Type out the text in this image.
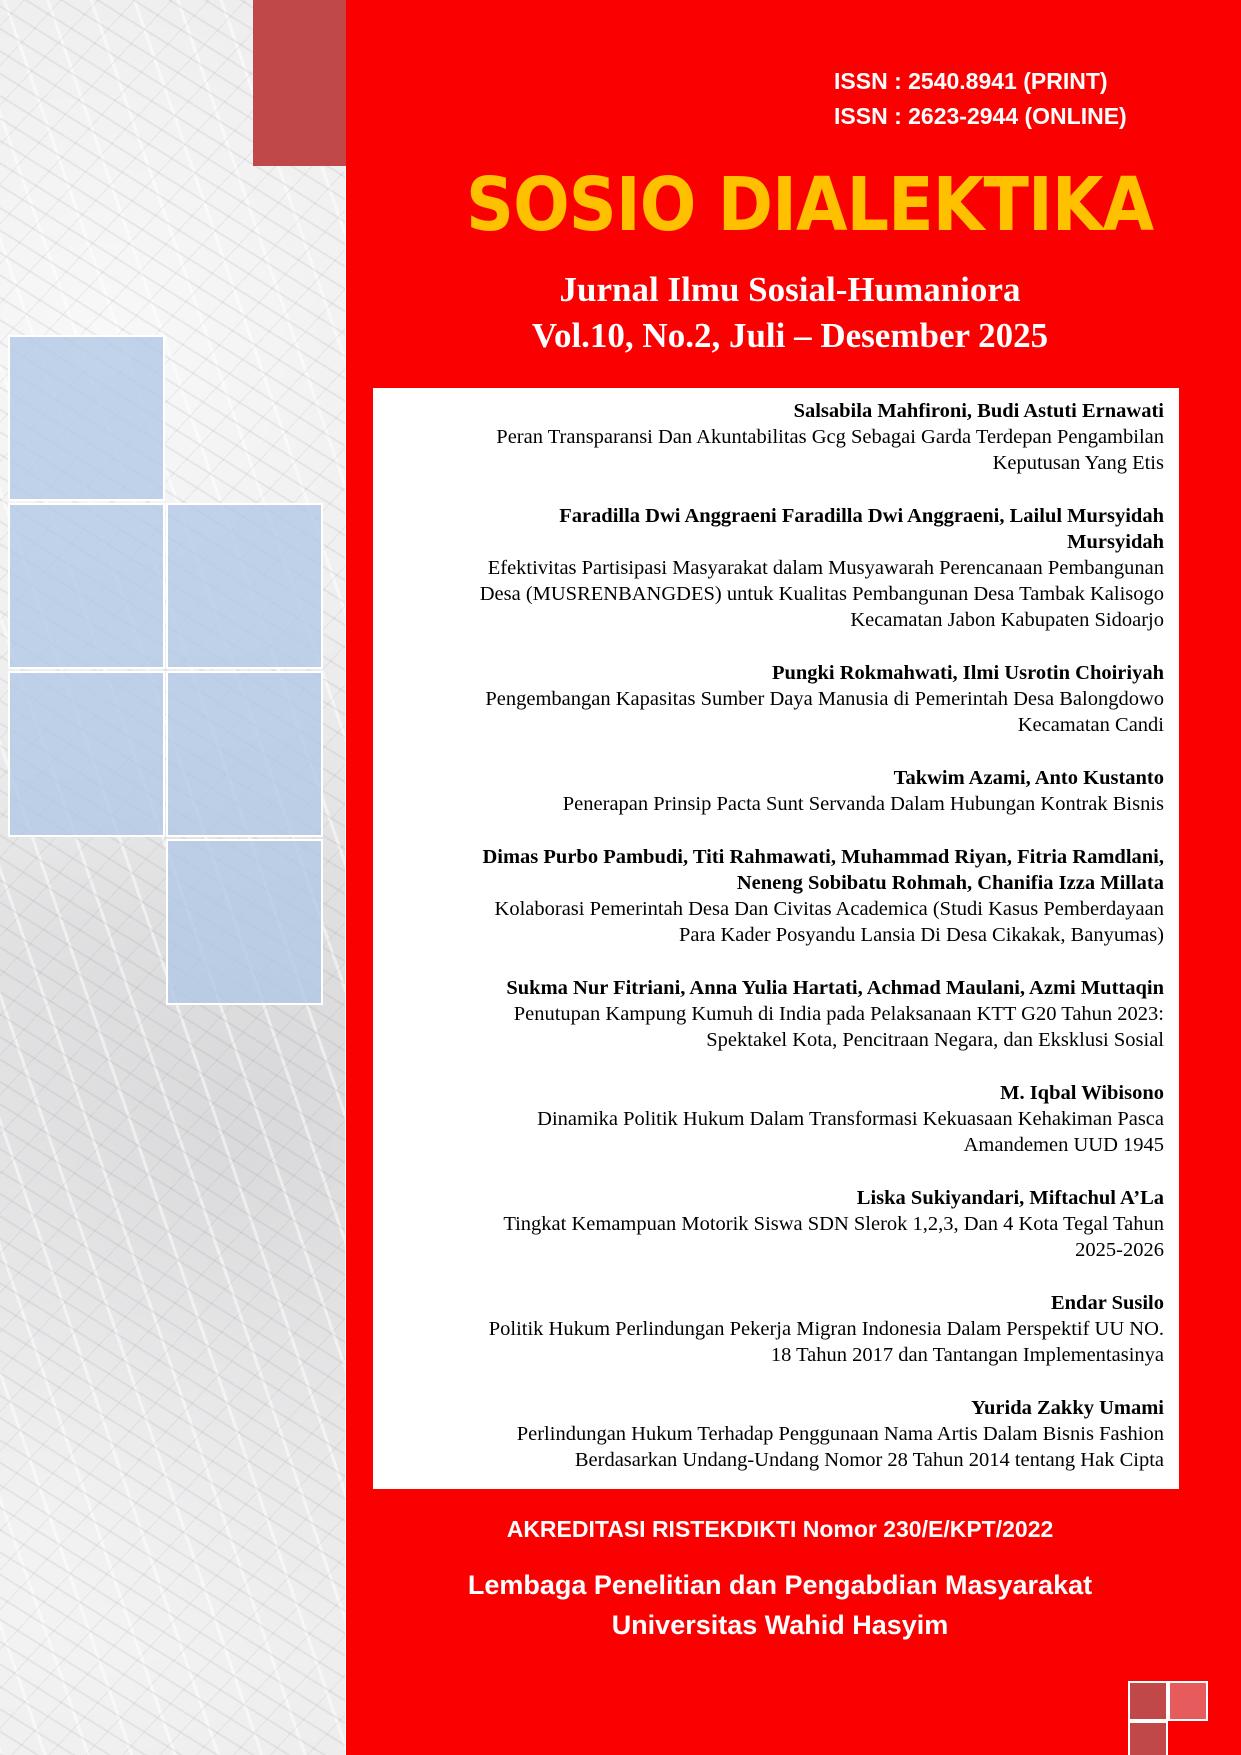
ISSN : 2540.8941 (PRINT)
ISSN : 2623-2944 (ONLINE)
SOSIO DIALEKTIKA
Jurnal Ilmu Sosial-Humaniora
Vol.10, No.2, Juli – Desember 2025
Salsabila Mahfironi, Budi Astuti Ernawati
Peran Transparansi Dan Akuntabilitas Gcg Sebagai Garda Terdepan Pengambilan
Keputusan Yang Etis
Faradilla Dwi Anggraeni Faradilla Dwi Anggraeni, Lailul Mursyidah
Mursyidah
Efektivitas Partisipasi Masyarakat dalam Musyawarah Perencanaan Pembangunan
Desa (MUSRENBANGDES) untuk Kualitas Pembangunan Desa Tambak Kalisogo
Kecamatan Jabon Kabupaten Sidoarjo
Pungki Rokmahwati, Ilmi Usrotin Choiriyah
Pengembangan Kapasitas Sumber Daya Manusia di Pemerintah Desa Balongdowo
Kecamatan Candi
Takwim Azami, Anto Kustanto
Penerapan Prinsip Pacta Sunt Servanda Dalam Hubungan Kontrak Bisnis
Dimas Purbo Pambudi, Titi Rahmawati, Muhammad Riyan, Fitria Ramdlani,
Neneng Sobibatu Rohmah, Chanifia Izza Millata
Kolaborasi Pemerintah Desa Dan Civitas Academica (Studi Kasus Pemberdayaan
Para Kader Posyandu Lansia Di Desa Cikakak, Banyumas)
Sukma Nur Fitriani, Anna Yulia Hartati, Achmad Maulani, Azmi Muttaqin
Penutupan Kampung Kumuh di India pada Pelaksanaan KTT G20 Tahun 2023:
Spektakel Kota, Pencitraan Negara, dan Eksklusi Sosial
M. Iqbal Wibisono
Dinamika Politik Hukum Dalam Transformasi Kekuasaan Kehakiman Pasca
Amandemen UUD 1945
Liska Sukiyandari, Miftachul A’La
Tingkat Kemampuan Motorik Siswa SDN Slerok 1,2,3, Dan 4 Kota Tegal Tahun
2025-2026
Endar Susilo
Politik Hukum Perlindungan Pekerja Migran Indonesia Dalam Perspektif UU NO.
18 Tahun 2017 dan Tantangan Implementasinya
Yurida Zakky Umami
Perlindungan Hukum Terhadap Penggunaan Nama Artis Dalam Bisnis Fashion
Berdasarkan Undang-Undang Nomor 28 Tahun 2014 tentang Hak Cipta
AKREDITASI RISTEKDIKTI Nomor 230/E/KPT/2022
Lembaga Penelitian dan Pengabdian Masyarakat
Universitas Wahid Hasyim
